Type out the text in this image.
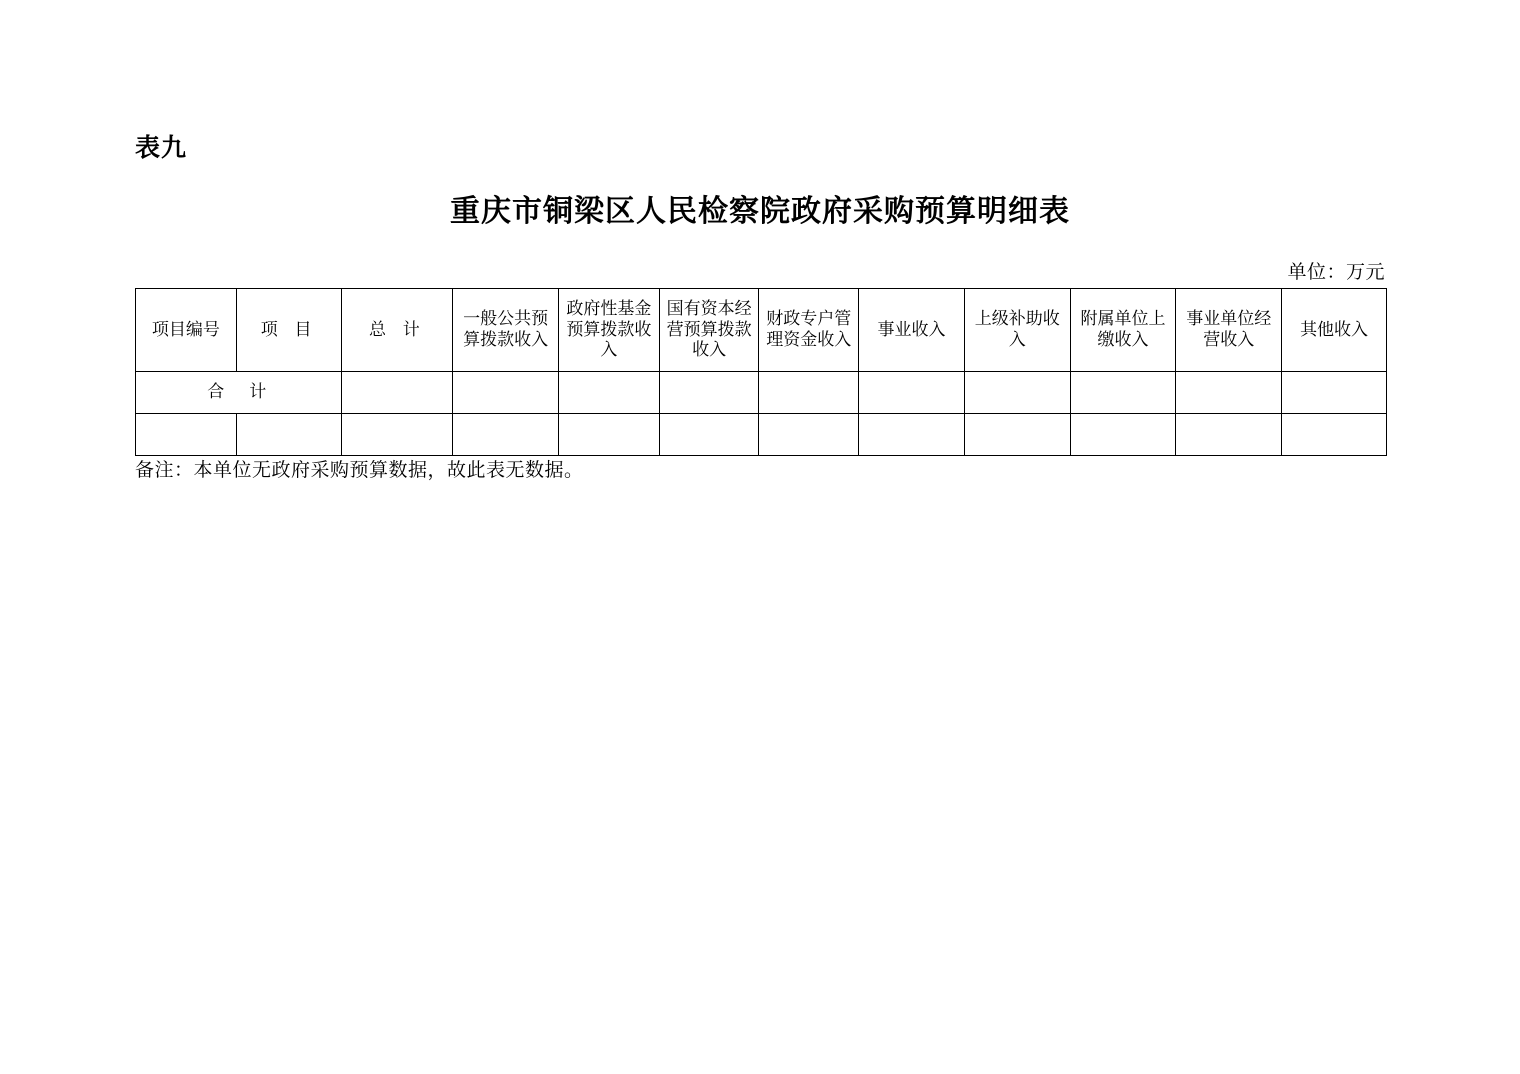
表九
重庆市铜梁区人民检察院政府采购预算明细表
单位：万元
项目编号	项 目	总 计	一般公共预算拨款收入	政府性基金预算拨款收入	国有资本经营预算拨款收入	财政专户管理资金收入	事业收入	上级补助收入	附属单位上缴收入	事业单位经营收入	其他收入
合　计											

备注：本单位无政府采购预算数据，故此表无数据。
